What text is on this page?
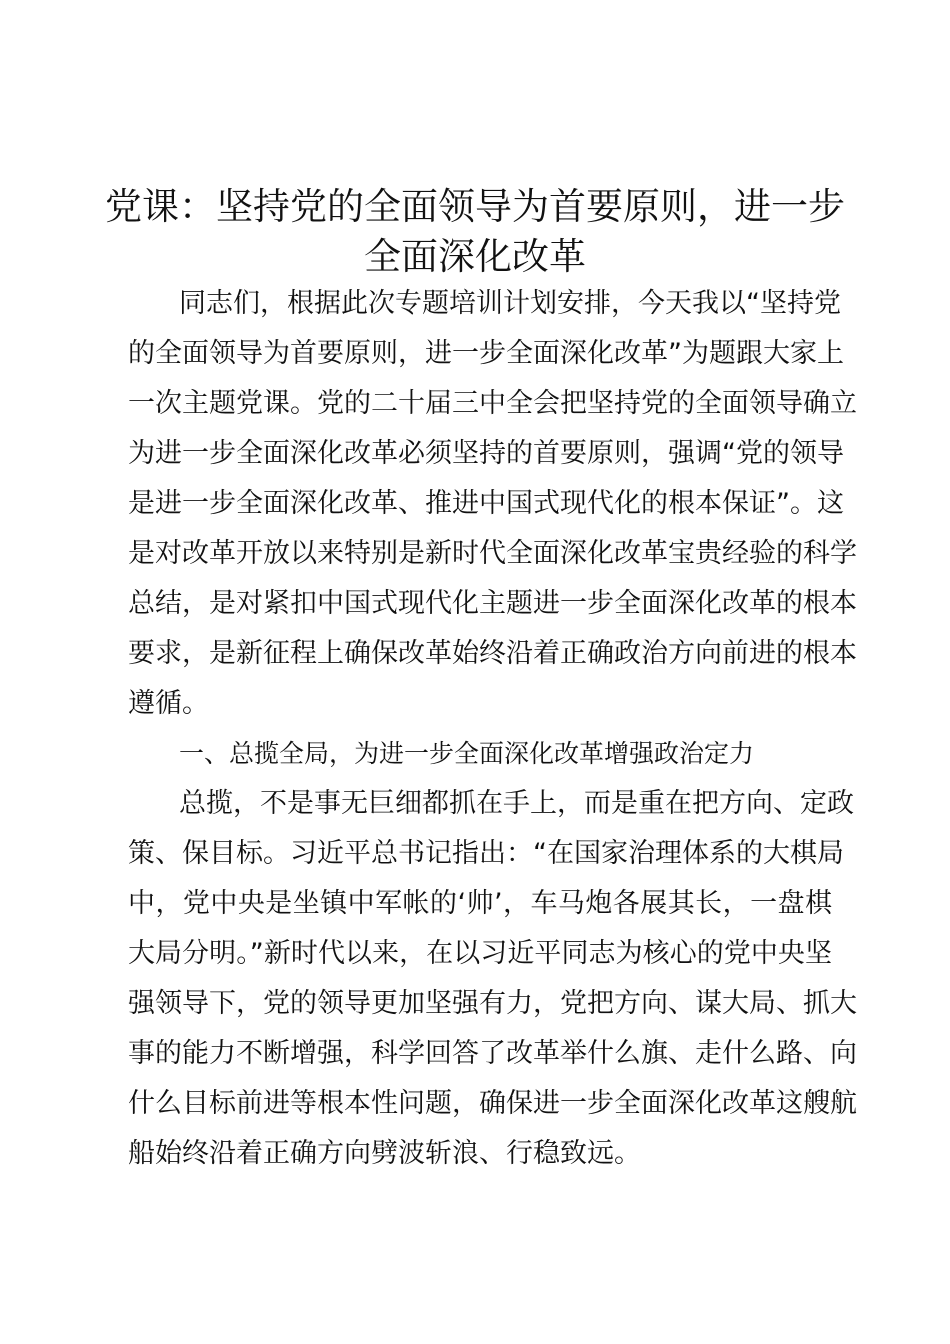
党课：坚持党的全面领导为首要原则，进一步
全面深化改革
同志们，根据此次专题培训计划安排，今天我以“坚持党
的全面领导为首要原则，进一步全面深化改革”为题跟大家上
一次主题党课。党的二十届三中全会把坚持党的全面领导确立
为进一步全面深化改革必须坚持的首要原则，强调“党的领导
是进一步全面深化改革、推进中国式现代化的根本保证”。这
是对改革开放以来特别是新时代全面深化改革宝贵经验的科学
总结，是对紧扣中国式现代化主题进一步全面深化改革的根本
要求，是新征程上确保改革始终沿着正确政治方向前进的根本
遵循。
一、总揽全局，为进一步全面深化改革增强政治定力
总揽，不是事无巨细都抓在手上，而是重在把方向、定政
策、保目标。习近平总书记指出：“在国家治理体系的大棋局
中，党中央是坐镇中军帐的‘帅’，车马炮各展其长，一盘棋
大局分明。”新时代以来，在以习近平同志为核心的党中央坚
强领导下，党的领导更加坚强有力，党把方向、谋大局、抓大
事的能力不断增强，科学回答了改革举什么旗、走什么路、向
什么目标前进等根本性问题，确保进一步全面深化改革这艘航
船始终沿着正确方向劈波斩浪、行稳致远。
